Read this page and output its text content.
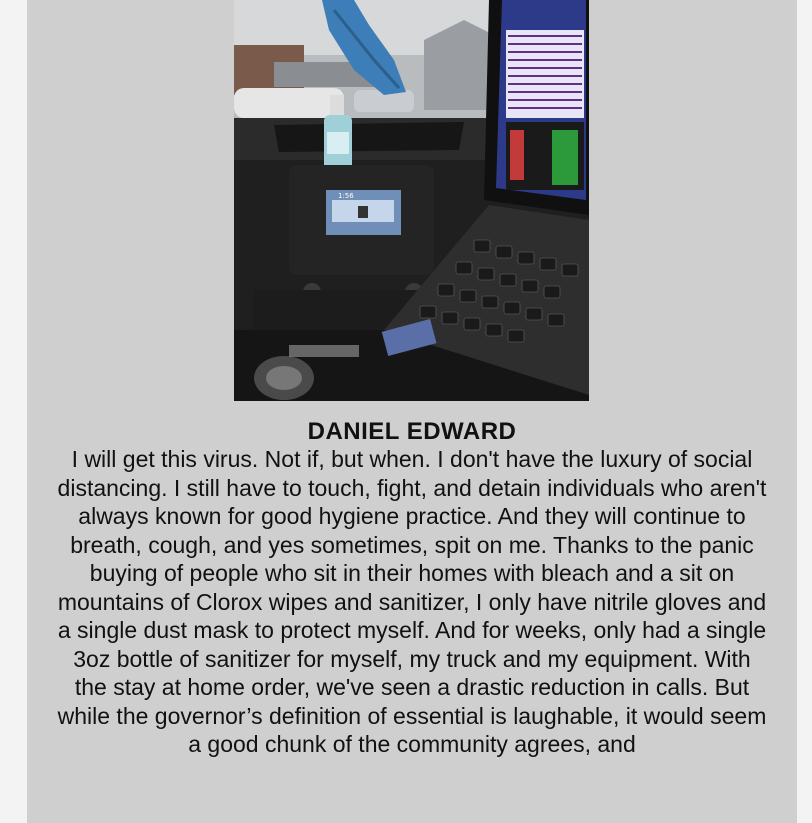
1:56
DANIEL EDWARD
I will get this virus. Not if, but when. I don't have the luxury of social distancing. I still have to touch, fight, and detain individuals who aren't always known for good hygiene practice. And they will continue to breath, cough, and yes sometimes, spit on me. Thanks to the panic buying of people who sit in their homes with bleach and a sit on mountains of Clorox wipes and sanitizer, I only have nitrile gloves and a single dust mask to protect myself. And for weeks, only had a single 3oz bottle of sanitizer for myself, my truck and my equipment. With the stay at home order, we've seen a drastic reduction in calls. But while the governor’s definition of essential is laughable, it would seem a good chunk of the community agrees, and
